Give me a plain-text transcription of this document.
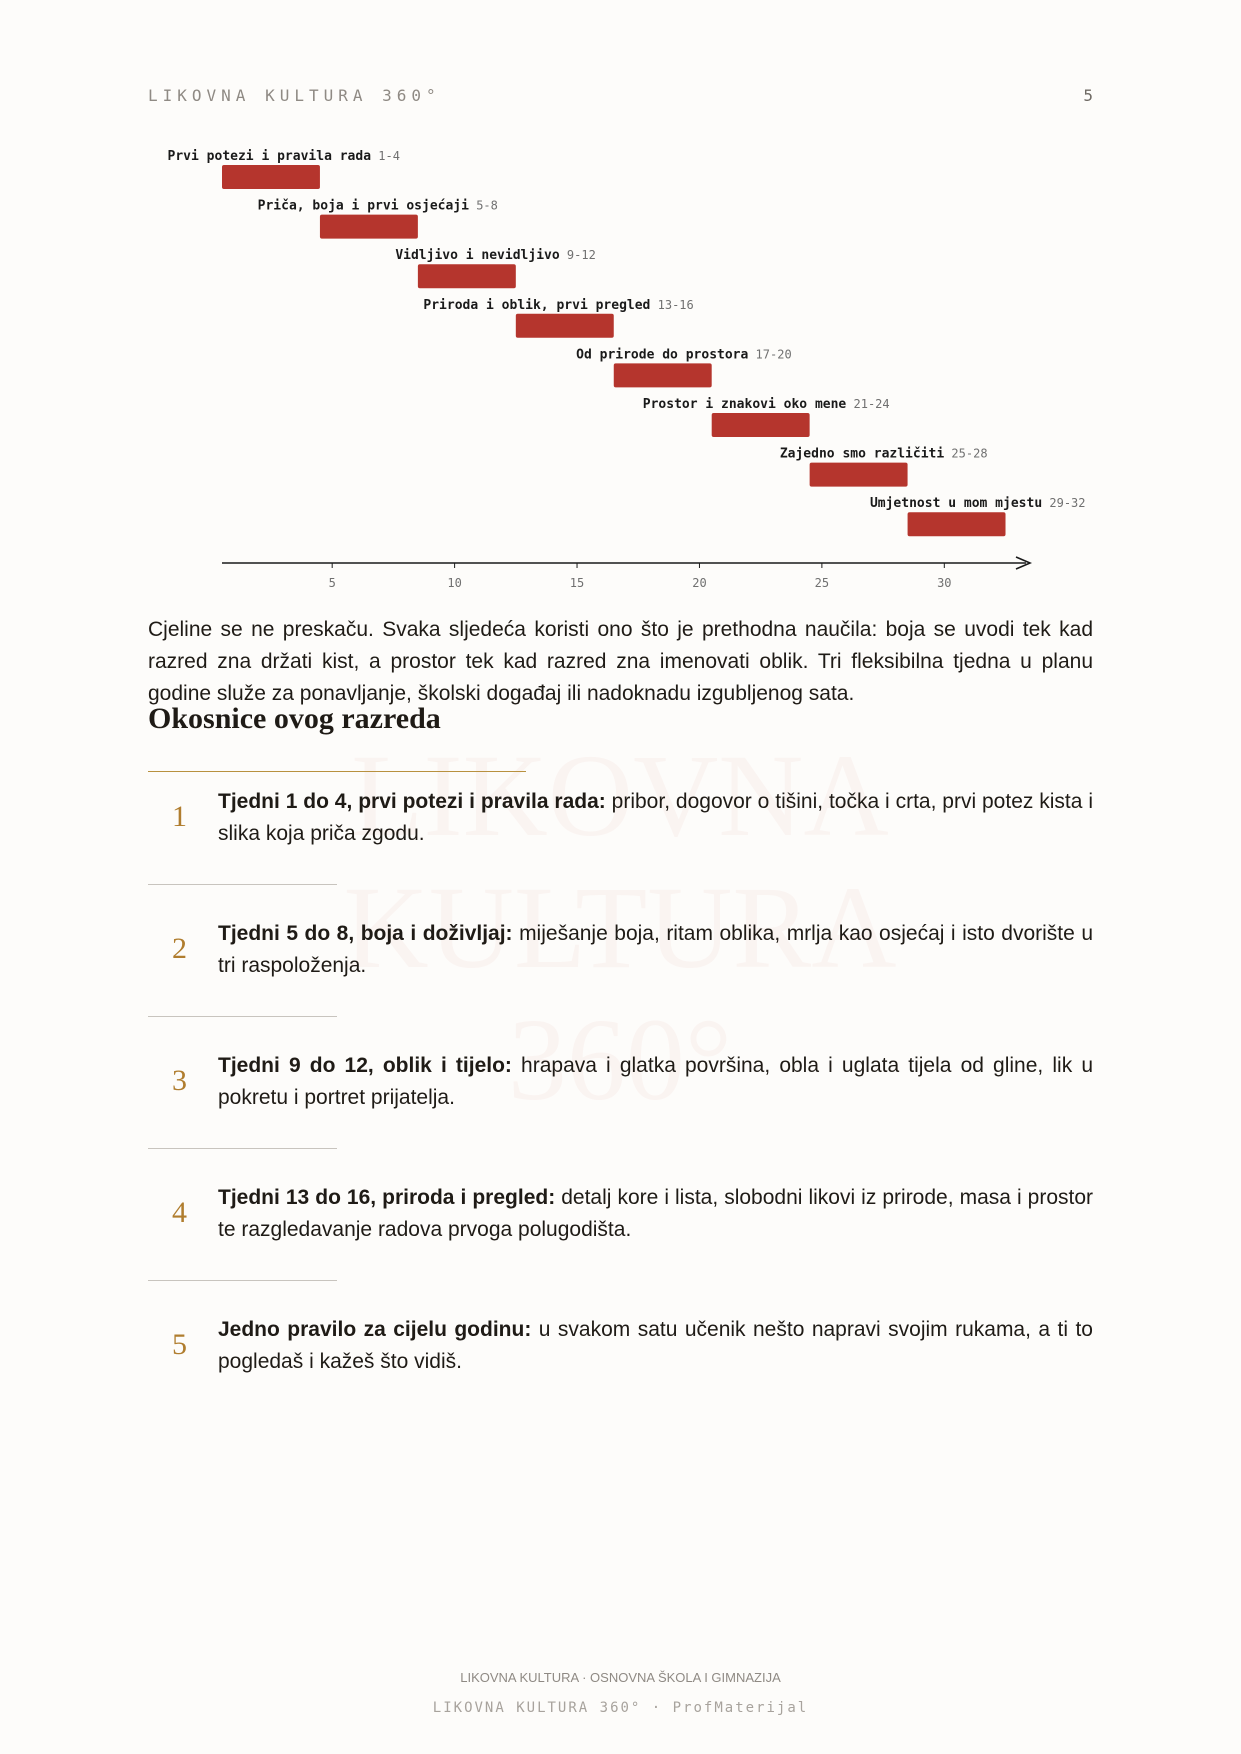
LIKOVNA KULTURA 360°	5
Prvi potezi i pravila rada 1-4
Priča, boja i prvi osjećaji 5-8
Vidljivo i nevidljivo 9-12
Priroda i oblik, prvi pregled 13-16
Od prirode do prostora 17-20
Prostor i znakovi oko mene 21-24
Zajedno smo različiti 25-28
Umjetnost u mom mjestu 29-32
5	10	15	20	25	30

Cjeline se ne preskaču. Svaka sljedeća koristi ono što je prethodna naučila: boja se uvodi tek kad razred zna držati kist, a prostor tek kad razred zna imenovati oblik. Tri fleksibilna tjedna u planu godine služe za ponavljanje, školski događaj ili nadoknadu izgubljenog sata.

Okosnice ovog razreda
1 Tjedni 1 do 4, prvi potezi i pravila rada: pribor, dogovor o tišini, točka i crta, prvi potez kista i slika koja priča zgodu.

2 Tjedni 5 do 8, boja i doživljaj: miješanje boja, ritam oblika, mrlja kao osjećaj i isto dvorište u tri raspoloženja.

3 Tjedni 9 do 12, oblik i tijelo: hrapava i glatka površina, obla i uglata tijela od gline, lik u pokretu i portret prijatelja.

4 Tjedni 13 do 16, priroda i pregled: detalj kore i lista, slobodni likovi iz prirode, masa i prostor te razgledavanje radova prvoga polugodišta.

5 Jedno pravilo za cijelu godinu: u svakom satu učenik nešto napravi svojim rukama, a ti to pogledaš i kažeš što vidiš.

LIKOVNA KULTURA · OSNOVNA ŠKOLA I GIMNAZIJA
LIKOVNA KULTURA 360° · ProfMaterijal
